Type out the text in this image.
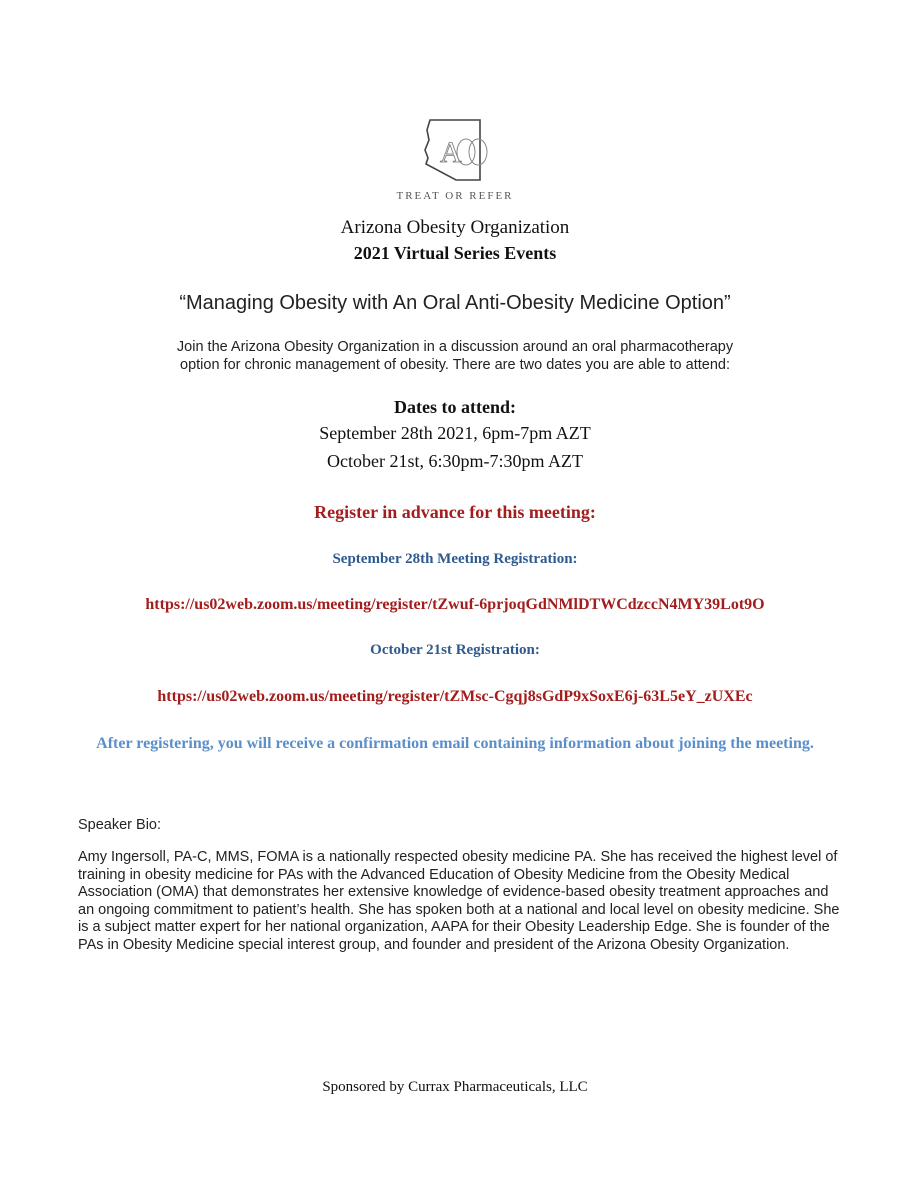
A
TREAT OR REFER
Arizona Obesity Organization
2021 Virtual Series Events
“Managing Obesity with An Oral Anti-Obesity Medicine Option”
Join the Arizona Obesity Organization in a discussion around an oral pharmacotherapy option for chronic management of obesity. There are two dates you are able to attend:
Dates to attend:
September 28th 2021, 6pm-7pm AZT
October 21st, 6:30pm-7:30pm AZT
Register in advance for this meeting:
September 28th Meeting Registration:
https://us02web.zoom.us/meeting/register/tZwuf-6prjoqGdNMlDTWCdzccN4MY39Lot9O
October 21st Registration:
https://us02web.zoom.us/meeting/register/tZMsc-Cgqj8sGdP9xSoxE6j-63L5eY_zUXEc
After registering, you will receive a confirmation email containing information about joining the meeting.
Speaker Bio:
Amy Ingersoll, PA-C, MMS, FOMA is a nationally respected obesity medicine PA. She has received the highest level of training in obesity medicine for PAs with the Advanced Education of Obesity Medicine from the Obesity Medical Association (OMA) that demonstrates her extensive knowledge of evidence-based obesity treatment approaches and an ongoing commitment to patient’s health. She has spoken both at a national and local level on obesity medicine. She is a subject matter expert for her national organization, AAPA for their Obesity Leadership Edge. She is founder of the PAs in Obesity Medicine special interest group, and founder and president of the Arizona Obesity Organization.
Sponsored by Currax Pharmaceuticals, LLC
